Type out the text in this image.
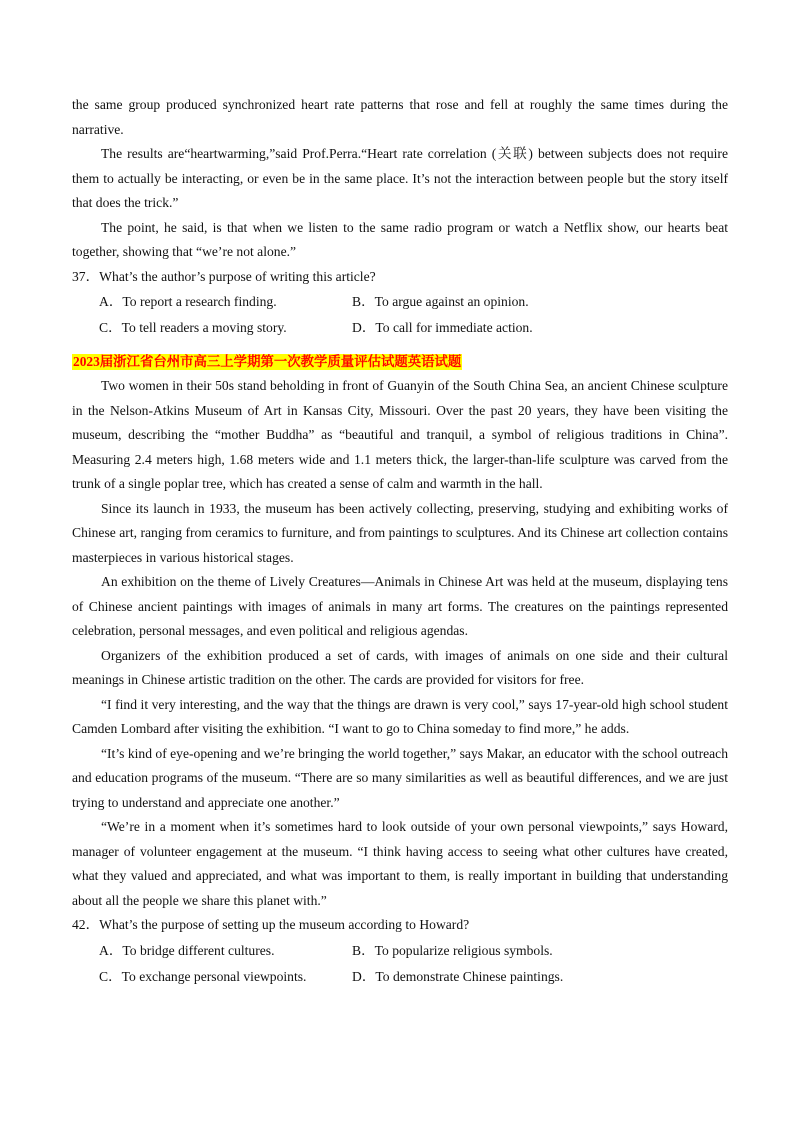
the same group produced synchronized heart rate patterns that rose and fell at roughly the same times during the narrative.

The results are“heartwarming,”said Prof.Perra.“Heart rate correlation (关联) between subjects does not require them to actually be interacting, or even be in the same place. It’s not the interaction between people but the story itself that does the trick.”

The point, he said, is that when we listen to the same radio program or watch a Netflix show, our hearts beat together, showing that “we’re not alone.”

37．What’s the author’s purpose of writing this article?
A．To report a research finding.	B．To argue against an opinion.
C．To tell readers a moving story.	D．To call for immediate action.
2023届浙江省台州市高三上学期第一次教学质量评估试题英语试题

Two women in their 50s stand beholding in front of Guanyin of the South China Sea, an ancient Chinese sculpture in the Nelson-Atkins Museum of Art in Kansas City, Missouri. Over the past 20 years, they have been visiting the museum, describing the “mother Buddha” as “beautiful and tranquil, a symbol of religious traditions in China”. Measuring 2.4 meters high, 1.68 meters wide and 1.1 meters thick, the larger-than-life sculpture was carved from the trunk of a single poplar tree, which has created a sense of calm and warmth in the hall.

Since its launch in 1933, the museum has been actively collecting, preserving, studying and exhibiting works of Chinese art, ranging from ceramics to furniture, and from paintings to sculptures. And its Chinese art collection contains masterpieces in various historical stages.

An exhibition on the theme of Lively Creatures—Animals in Chinese Art was held at the museum, displaying tens of Chinese ancient paintings with images of animals in many art forms. The creatures on the paintings represented celebration, personal messages, and even political and religious agendas.

Organizers of the exhibition produced a set of cards, with images of animals on one side and their cultural meanings in Chinese artistic tradition on the other. The cards are provided for visitors for free.

“I find it very interesting, and the way that the things are drawn is very cool,” says 17-year-old high school student Camden Lombard after visiting the exhibition. “I want to go to China someday to find more,” he adds.

“It’s kind of eye-opening and we’re bringing the world together,” says Makar, an educator with the school outreach and education programs of the museum. “There are so many similarities as well as beautiful differences, and we are just trying to understand and appreciate one another.”

“We’re in a moment when it’s sometimes hard to look outside of your own personal viewpoints,” says Howard, manager of volunteer engagement at the museum. “I think having access to seeing what other cultures have created, what they valued and appreciated, and what was important to them, is really important in building that understanding about all the people we share this planet with.”

42．What’s the purpose of setting up the museum according to Howard?
A．To bridge different cultures.	B．To popularize religious symbols.
C．To exchange personal viewpoints.	D．To demonstrate Chinese paintings.
